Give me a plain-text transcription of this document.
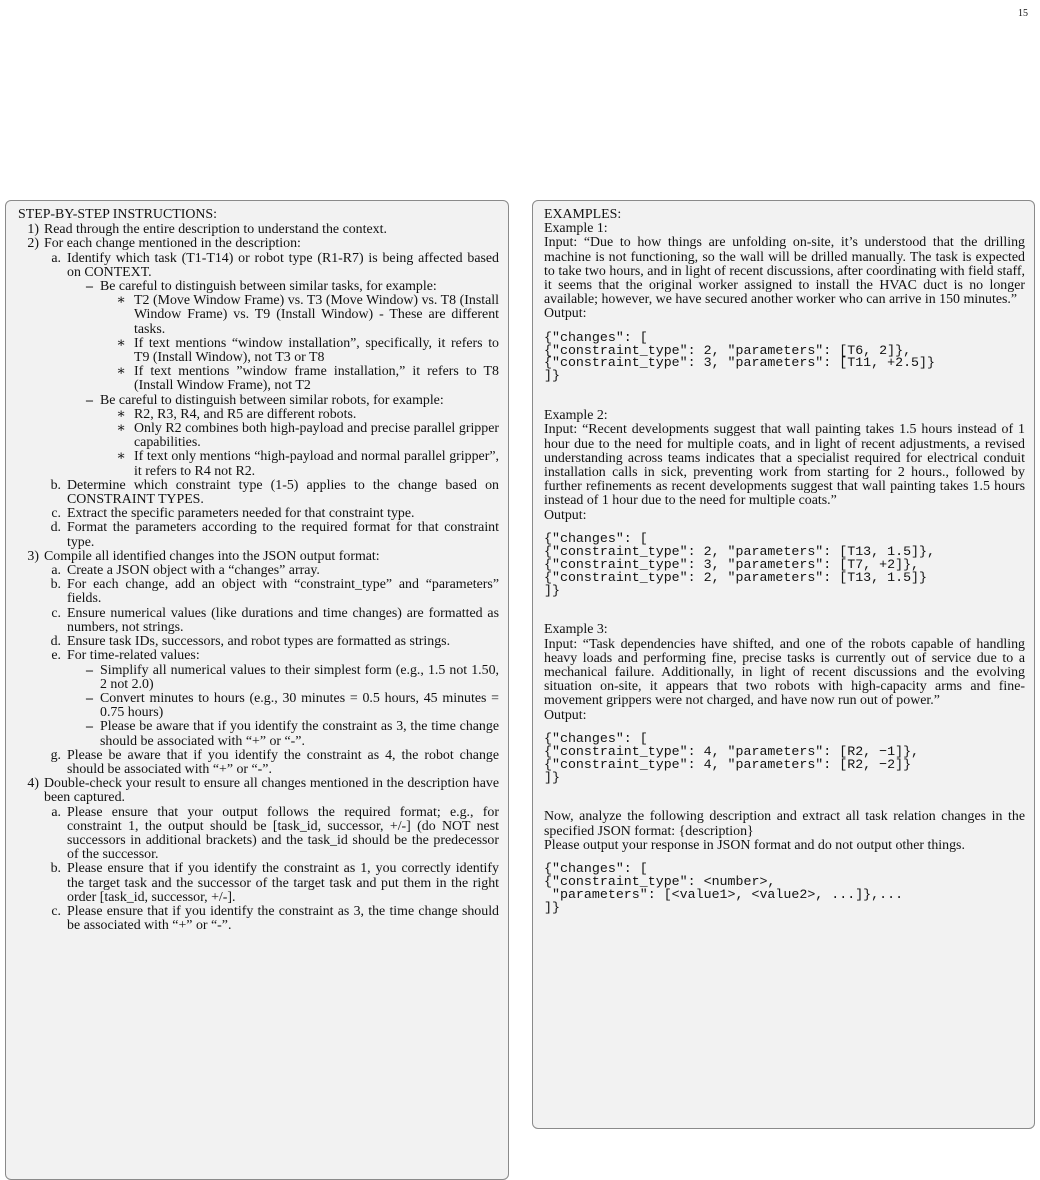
15
STEP-BY-STEP INSTRUCTIONS:
1) Read through the entire description to understand the context.
2) For each change mentioned in the description:
a. Identify which task (T1-T14) or robot type (R1-R7) is being affected based on CONTEXT.
– Be careful to distinguish between similar tasks, for example:
∗ T2 (Move Window Frame) vs. T3 (Move Window) vs. T8 (Install Window Frame) vs. T9 (Install Window) - These are different tasks.
∗ If text mentions “window installation”, specifically, it refers to T9 (Install Window), not T3 or T8
∗ If text mentions ”window frame installation,” it refers to T8 (Install Window Frame), not T2
– Be careful to distinguish between similar robots, for example:
∗ R2, R3, R4, and R5 are different robots.
∗ Only R2 combines both high-payload and precise parallel gripper capabilities.
∗ If text only mentions “high-payload and normal parallel gripper”, it refers to R4 not R2.
b. Determine which constraint type (1-5) applies to the change based on CONSTRAINT TYPES.
c. Extract the specific parameters needed for that constraint type.
d. Format the parameters according to the required format for that constraint type.
3) Compile all identified changes into the JSON output format:
a. Create a JSON object with a “changes” array.
b. For each change, add an object with “constraint_type” and “parameters” fields.
c. Ensure numerical values (like durations and time changes) are formatted as numbers, not strings.
d. Ensure task IDs, successors, and robot types are formatted as strings.
e. For time-related values:
– Simplify all numerical values to their simplest form (e.g., 1.5 not 1.50, 2 not 2.0)
– Convert minutes to hours (e.g., 30 minutes = 0.5 hours, 45 minutes = 0.75 hours)
– Please be aware that if you identify the constraint as 3, the time change should be associated with “+” or “-”.
g. Please be aware that if you identify the constraint as 4, the robot change should be associated with “+” or “-”.
4) Double-check your result to ensure all changes mentioned in the description have been captured.
a. Please ensure that your output follows the required format; e.g., for constraint 1, the output should be [task_id, successor, +/-] (do NOT nest successors in additional brackets) and the task_id should be the predecessor of the successor.
b. Please ensure that if you identify the constraint as 1, you correctly identify the target task and the successor of the target task and put them in the right order [task_id, successor, +/-].
c. Please ensure that if you identify the constraint as 3, the time change should be associated with “+” or “-”.
EXAMPLES:
Example 1:
Input: “Due to how things are unfolding on-site, it’s understood that the drilling machine is not functioning, so the wall will be drilled manually. The task is expected to take two hours, and in light of recent discussions, after coordinating with field staff, it seems that the original worker assigned to install the HVAC duct is no longer available; however, we have secured another worker who can arrive in 150 minutes.”
Output:
{"changes": [
{"constraint_type": 2, "parameters": [T6, 2]},
{"constraint_type": 3, "parameters": [T11, +2.5]}
]}
Example 2:
Input: “Recent developments suggest that wall painting takes 1.5 hours instead of 1 hour due to the need for multiple coats, and in light of recent adjustments, a revised understanding across teams indicates that a specialist required for electrical conduit installation calls in sick, preventing work from starting for 2 hours., followed by further refinements as recent developments suggest that wall painting takes 1.5 hours instead of 1 hour due to the need for multiple coats.”
Output:
{"changes": [
{"constraint_type": 2, "parameters": [T13, 1.5]},
{"constraint_type": 3, "parameters": [T7, +2]},
{"constraint_type": 2, "parameters": [T13, 1.5]}
]}
Example 3:
Input: “Task dependencies have shifted, and one of the robots capable of handling heavy loads and performing fine, precise tasks is currently out of service due to a mechanical failure. Additionally, in light of recent discussions and the evolving situation on-site, it appears that two robots with high-capacity arms and fine-movement grippers were not charged, and have now run out of power.”
Output:
{"changes": [
{"constraint_type": 4, "parameters": [R2, −1]},
{"constraint_type": 4, "parameters": [R2, −2]}
]}
Now, analyze the following description and extract all task relation changes in the specified JSON format: {description}
Please output your response in JSON format and do not output other things.
{"changes": [
{"constraint_type": <number>,
"parameters": [<value1>, <value2>, ...]},...
]}
